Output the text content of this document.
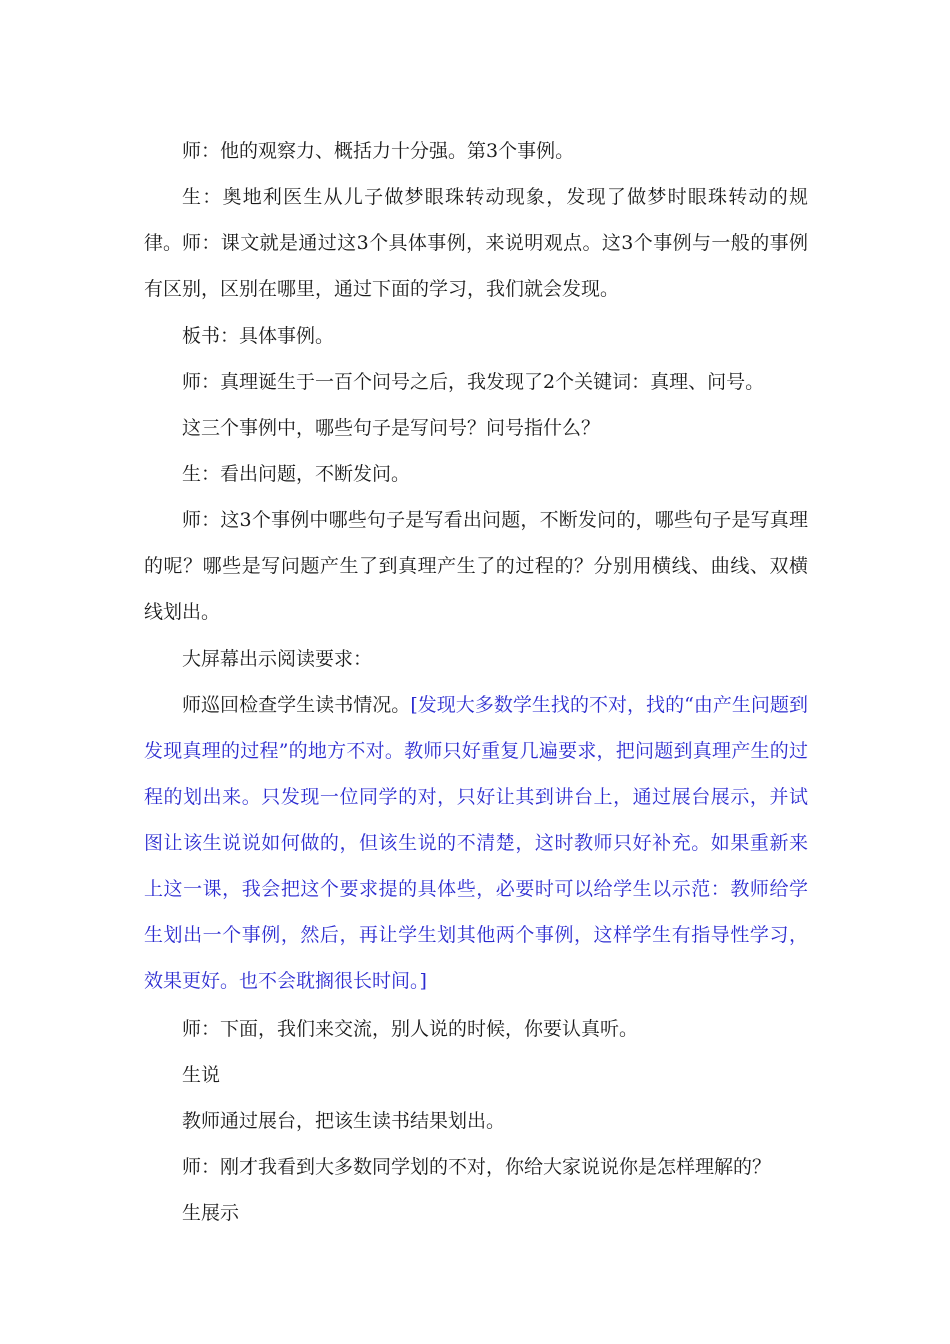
师：他的观察力、概括力十分强。第3个事例。

生：奥地利医生从儿子做梦眼珠转动现象，发现了做梦时眼珠转动的规律。 师：课文就是通过这3个具体事例，来说明观点。这3个事例与一般的事例有区别，区别在哪里，通过下面的学习，我们就会发现。

板书：具体事例。

师：真理诞生于一百个问号之后，我发现了2个关键词：真理、问号。

这三个事例中，哪些句子是写问号？问号指什么？

生：看出问题，不断发问。

师：这3个事例中哪些句子是写看出问题，不断发问的，哪些句子是写真理的呢？哪些是写问题产生了到真理产生了的过程的？分别用横线、曲线、双横线划出。

大屏幕出示阅读要求：

师巡回检查学生读书情况。[发现大多数学生找的不对，找的“由产生问题到发现真理的过程”的地方不对。教师只好重复几遍要求，把问题到真理产生的过程的划出来。只发现一位同学的对，只好让其到讲台上，通过展台展示，并试图让该生说说如何做的，但该生说的不清楚，这时教师只好补充。如果重新来上这一课，我会把这个要求提的具体些，必要时可以给学生以示范：教师给学生划出一个事例，然后，再让学生划其他两个事例，这样学生有指导性学习，效果更好。也不会耽搁很长时间。]

师：下面，我们来交流，别人说的时候，你要认真听。

生说

教师通过展台，把该生读书结果划出。

师：刚才我看到大多数同学划的不对，你给大家说说你是怎样理解的？

生展示
